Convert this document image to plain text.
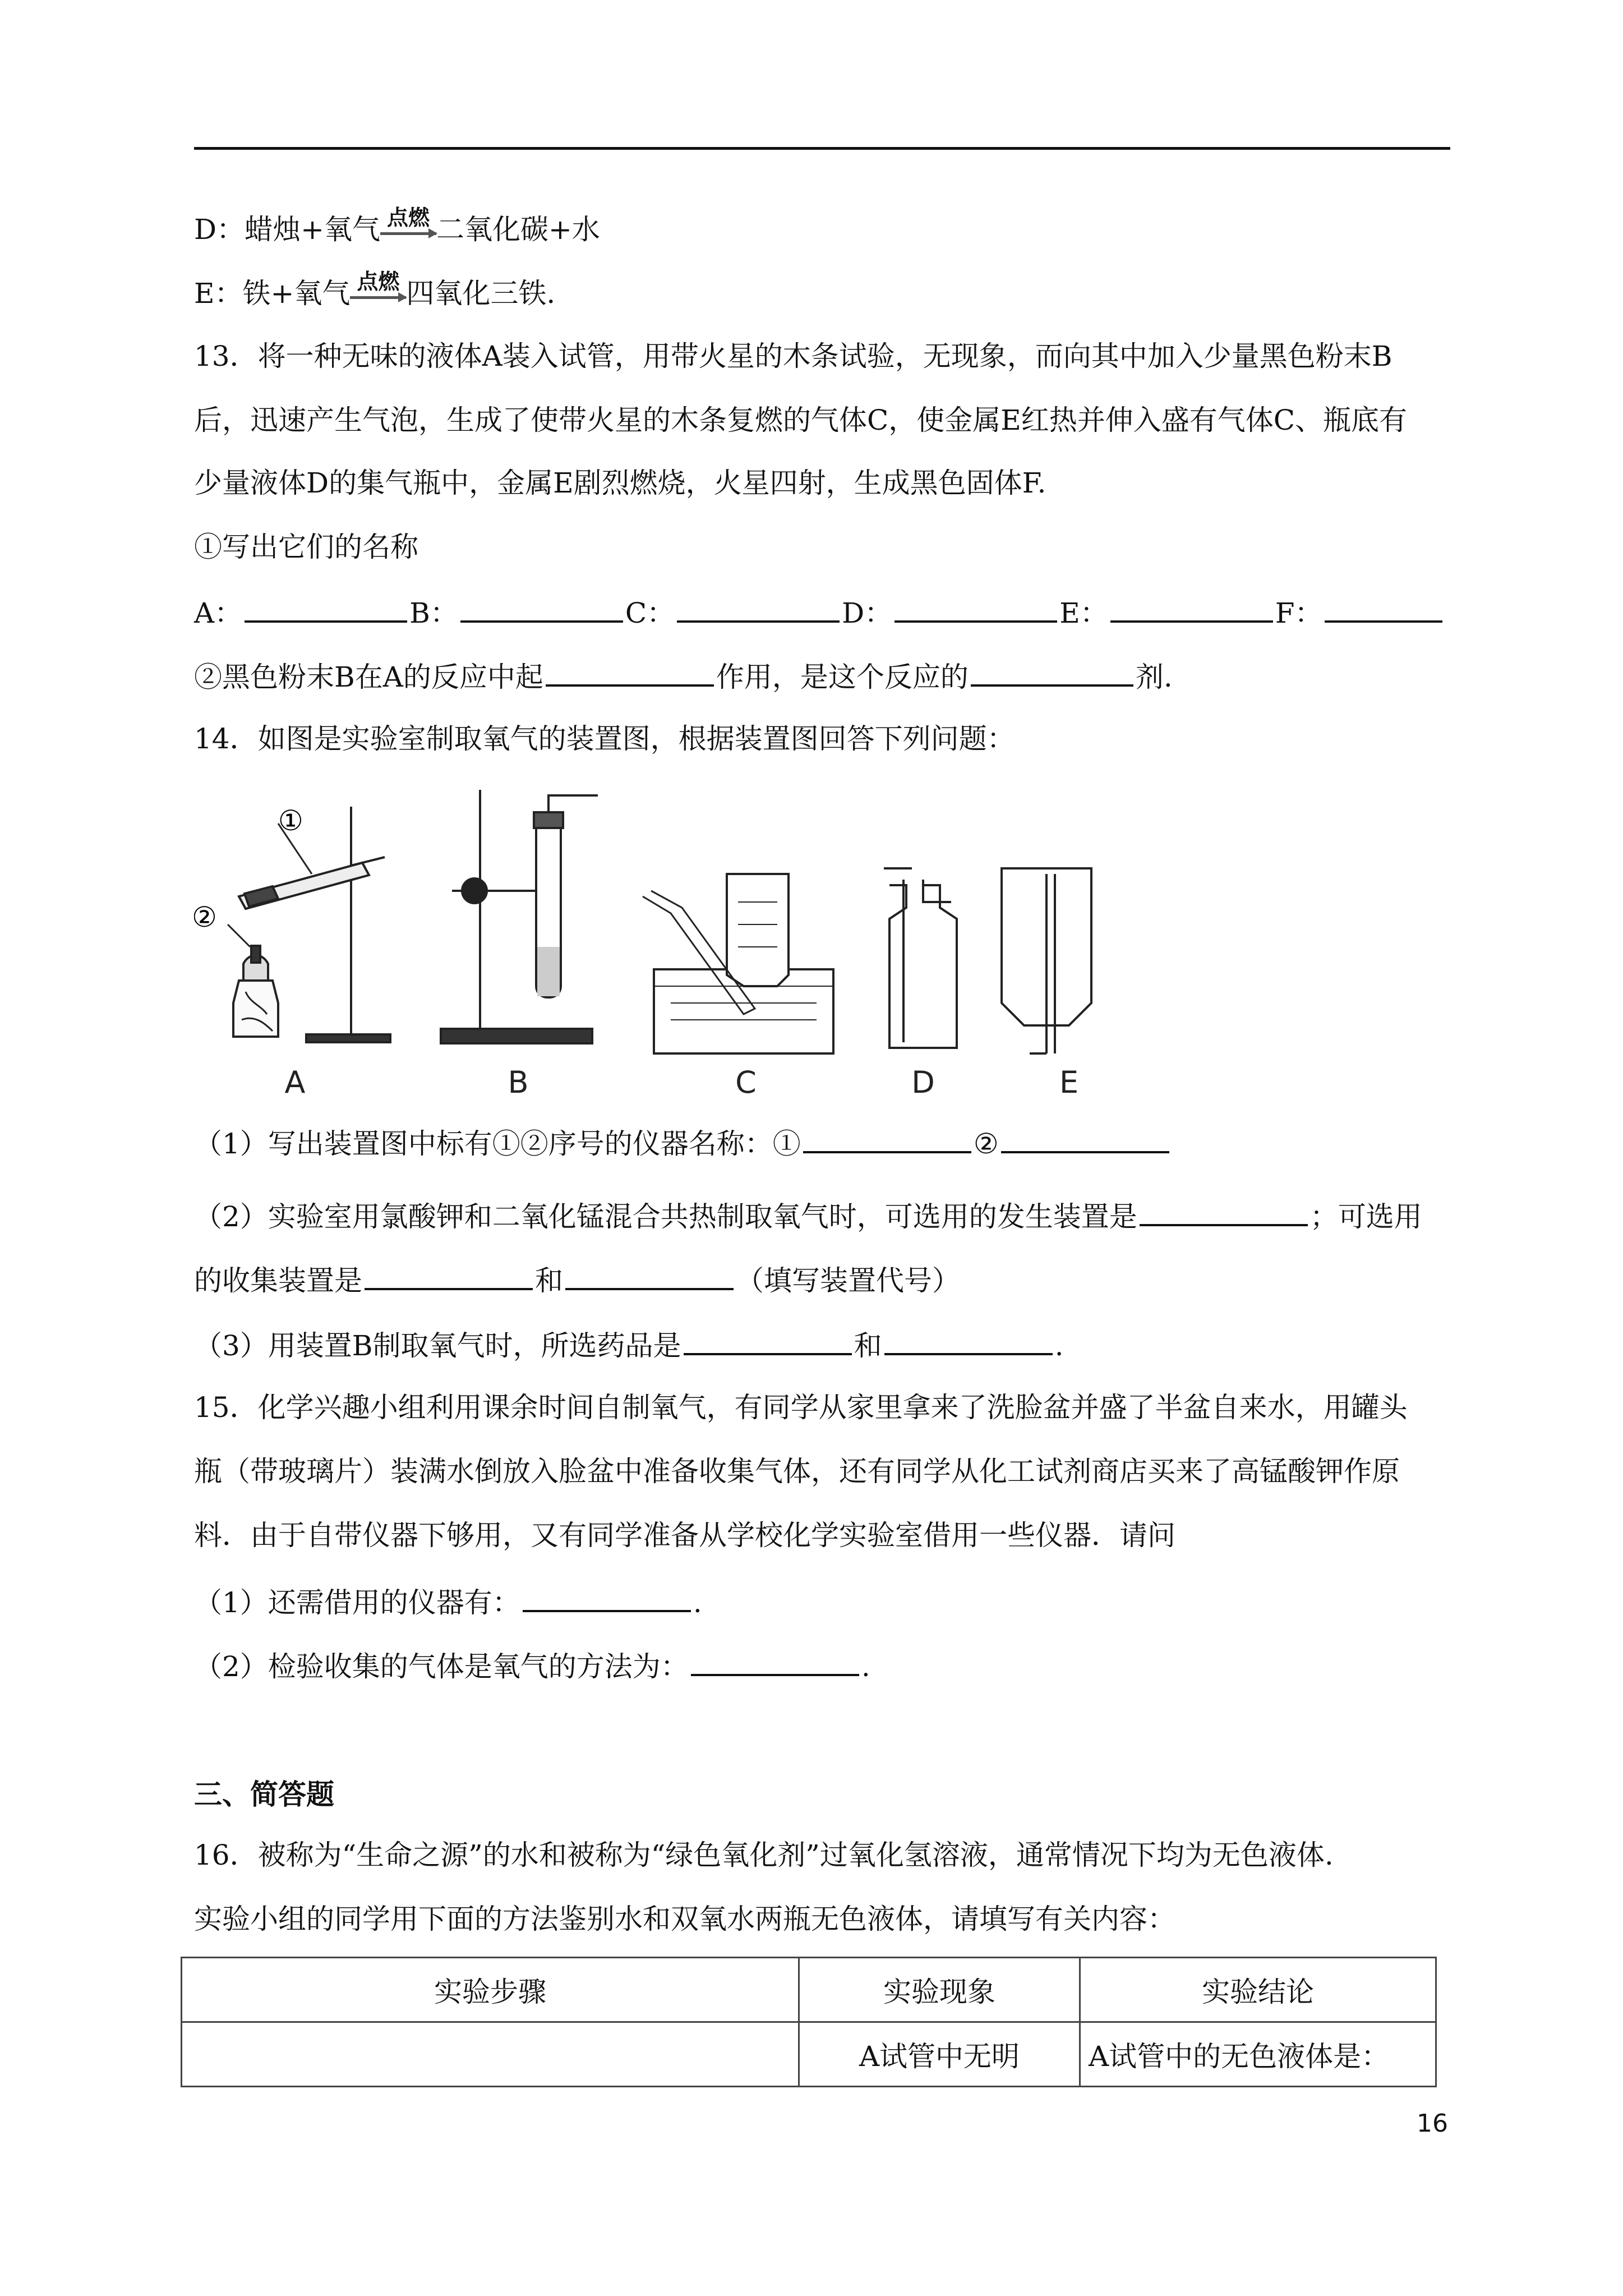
D：蜡烛+氧气 点燃 二氧化碳+水
E：铁+氧气 点燃 四氧化三铁.
13．将一种无味的液体A装入试管，用带火星的木条试验，无现象，而向其中加入少量黑色粉末B
后，迅速产生气泡，生成了使带火星的木条复燃的气体C，使金属E红热并伸入盛有气体C、瓶底有
少量液体D的集气瓶中，金属E剧烈燃烧，火星四射，生成黑色固体F.
①写出它们的名称
A：	B：	C：	D：	E：	F：
②黑色粉末B在A的反应中起	作用，是这个反应的	剂.
14．如图是实验室制取氧气的装置图，根据装置图回答下列问题：
①
②
A	B	C	D	E
（1）写出装置图中标有①②序号的仪器名称：①	②
（2）实验室用氯酸钾和二氧化锰混合共热制取氧气时，可选用的发生装置是	；可选用
的收集装置是	和	（填写装置代号）
（3）用装置B制取氧气时，所选药品是	和	.
15．化学兴趣小组利用课余时间自制氧气，有同学从家里拿来了洗脸盆并盛了半盆自来水，用罐头
瓶（带玻璃片）装满水倒放入脸盆中准备收集气体，还有同学从化工试剂商店买来了高锰酸钾作原
料．由于自带仪器下够用，又有同学准备从学校化学实验室借用一些仪器．请问
（1）还需借用的仪器有：	.
（2）检验收集的气体是氧气的方法为：	.
三、简答题
16．被称为“生命之源”的水和被称为“绿色氧化剂”过氧化氢溶液，通常情况下均为无色液体.
实验小组的同学用下面的方法鉴别水和双氧水两瓶无色液体，请填写有关内容：
实验步骤	实验现象	实验结论
	A试管中无明	A试管中的无色液体是：
16
